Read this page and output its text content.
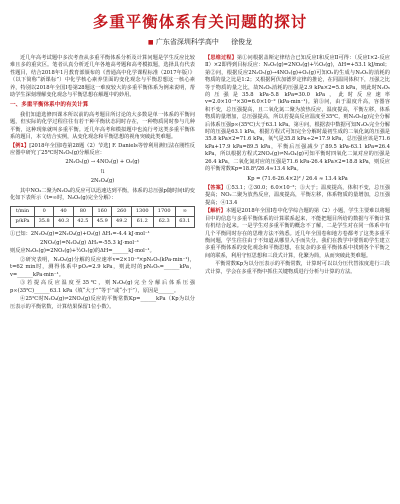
多重平衡体系有关问题的探讨
■ 广东省深圳科学高中 徐俊龙

近几年高考试题中多次考查从多重平衡体系分析及计算问题是学生反应比较难且多的重灾区。笔者认真分析近几年各地高考题和高考模拟题，选择具有代表性题目，结合2018年1月教育部颁布的《普通高中化学课程标准（2017年版）》（以下简称“新课标”）中化学核心素养里面的变化观念与平衡思想这一核心素养，特别以2018年全国Ⅰ卷第28题这一难度较大的多重平衡体系为例来说明，帮助学生深刻理解变化观念与平衡思想在解题中的妙用。

一、多重平衡体系中的有关计算

我们知道选修四课本所以前的高考题目所讨论的大多数是单一体系的平衡问题，但实际的化学过程往往有若干种平衡状态同时存在，一种物质同时参与几种平衡，这种现象就叫多重平衡。近几年高考和模拟题中也流行考这类多重平衡体系的题目，本文结合实例，从变化观念和平衡思想的视角突破此类难题。

【例1】[2018年全国Ⅰ卷第28题（2）节选] F. Daniels等曾利用测压法在刚性反应器中研究了25℃时N₂O₅(g)分解反应：

2N₂O₅(g) → 4NO₂(g) + O₂(g)
⇅
2N₂O₄(g)

其中NO₂二聚为N₂O₄的反应可以迅速达到平衡，体系的总压强p随时间t的变化如下表所示（t=∞时，N₂O₅(g)完全分解）：

t/min	0	40	80	160	260	1300	1700	∞
p/kPa	35.8	40.3	42.5	45.9	49.2	61.2	62.3	63.1

①已知：2N₂O₅(g)=2N₂O₄(g)+O₂(g) ΔH₁=-4.4 kJ·mol⁻¹

2NO₂(g)=N₂O₄(g) ΔH₂=-55.3 kJ·mol⁻¹

则反应N₂O₅(g)=2NO₂(g)+½O₂(g)的ΔH=______kJ·mol⁻¹。

②研究表明，N₂O₅(g)分解的反应速率v=2×10⁻³×pN₂O₅(kPa·min⁻¹)，t=62 min时，测得体系中pO₂=2.9 kPa，则此时的pN₂O₅=______kPa，v=______kPa·min⁻¹。

③若提高反应温度至35℃，则N₂O₅(g)完全分解后体系压强p∞(35℃)______63.1 kPa（填“大于”“等于”或“小于”），原因是______。

④25℃时N₂O₄(g)⇌2NO₂(g)反应的平衡常数Kp=______kPa（Kp为以分压表示的平衡常数，计算结果保留1位小数）。

【思维过程】第①问根据盖斯定律结合已知反应Ⅰ和反应Ⅱ可得：（反应Ⅰ×2-反应Ⅱ）×2即得到目标反应：N₂O₅(g)=2NO₂(g)+½O₂(g)，ΔH=+53.1 kJ/mol；第②问，根据反应2N₂O₅(g)→4NO₂(g)+O₂(g)可知O₂的生成与N₂O₅的消耗的物质的量之比是1:2；又根据阿伏加德罗定律的推论，在同温同体积下，压强之比等于物质的量之比，故N₂O₅消耗的压强是2.9 kPa×2=5.8 kPa，则此时N₂O₅的压强是35.8 kPa-5.8 kPa=30.0 kPa，此时反应速率v=2.0×10⁻³×30=6.0×10⁻² (kPa·min⁻¹)。第③问，由于温度升高，容器容积不变，总压强提高，且二氧化氮二聚为放热反应，温度提高，平衡左移，体系物质的量增加，总压强提高，所以若提高反应温度至35℃，则N₂O₅(g)完全分解后体系压强p∞(35℃)大于63.1 kPa。第④问，根据表中数据可知N₂O₅完全分解时的压强是63.1 kPa，根据方程式可知完全分解时最初生成的二氧化氮的压强是35.8 kPa×2=71.6 kPa，氧气是35.8 kPa÷2=17.9 kPa，总压强应该是71.6 kPa+17.9 kPa=89.5 kPa，平衡后压强减少了89.5 kPa-63.1 kPa=26.4 kPa，所以根据方程式2NO₂(g)⇌N₂O₄(g)可知平衡时四氧化二氮对应的压强是26.4 kPa，二氧化氮对应的压强是71.6 kPa-26.4 kPa×2=18.8 kPa，则反应的平衡常数Kp=18.8²/26.4≈13.4 kPa。

Kp = (71.6-26.4×2)² / 26.4 ≈ 13.4 kPa

【答案】①53.1；②30.0；6.0×10⁻²；③大于；温度提高，体积不变，总压强提高；NO₂二聚为放热反应，温度提高，平衡左移，体系物质的量增加，总压强提高；④13.4

【解析】本题是2018年全国Ⅰ卷中化学综合题的第（2）小题，学生主要难以将题目中的信息与多重平衡体系的计算联系起来，不能把题目所给的数据与平衡计算有机结合起来。一是学生对多重平衡的概念不了解，二是学生对在同一体系中有几个平衡同时存在的思维方法不熟悉。近几年全国卷和地方卷都考了这类多重平衡问题，学生往往由于不知道从哪里入手而失分。我们在教学中要帮助学生建立多重平衡体系的变化观念和平衡思想，在复杂的多重平衡体系中找到各个平衡之间的联系，利用守恒思想和三段式计算，化繁为简，从而突破此类难题。

平衡常数Kp为以分压表示的平衡常数，计算时可以以分压代替浓度进行三段式计算，学会在多重平衡中抓住关键物质进行分析与计算的方法。
